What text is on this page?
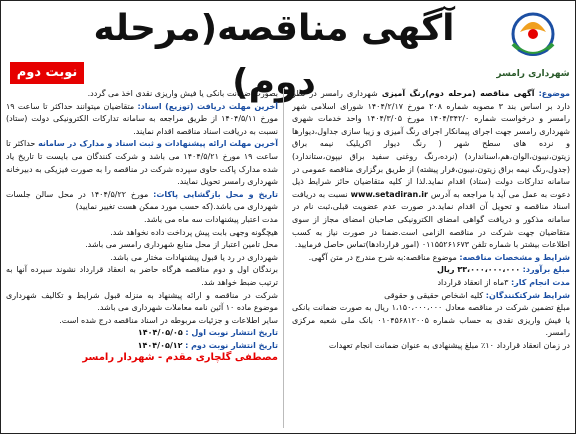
شهرداری رامسر
آگهی مناقصه(مرحله دوم)
نوبت دوم

موضوع: آگهی مناقصه (مرحله دوم)رنگ آمیزی شهرداری رامسر در نظر دارد بر اساس بند ۳ مصوبه شماره ۲۰۸ مورخ ۱۴۰۴/۲/۱۷ شورای اسلامی شهر رامسر و درخواست شماره ۱۴۰۴/۳۴۲/۰ مورخ ۱۴۰۴/۳/۰۵ واحد خدمات شهری شهرداری رامسر جهت اجرای پیمانکار اجرای رنگ آمیزی و زیبا سازی جداول،دیوارها و نرده های سطح شهر ( رنگ دیوار اکریلیک نیمه براق زیتون،نیبون،الوان،هم،اسناندارد) (نرده،رنگ روغنی سفید براق نیپون،ستاندارد)(جدول،رنگ نیمه براق زیتون،نیبون،فرار پیشته) از طریق برگزاری مناقصه عمومی در سامانه تدارکات دولت (ستاد) اقدام نماید.لذا از کلیه متقاضیان حائز شرایط ذیل دعوت به عمل می آید با مراجعه به آدرس www.setadiran.ir نسبت به دریافت اسناد مناقصه و تحویل آن اقدام نماید.در صورت عدم عضویت قبلی،ثبت نام در سامانه مذکور و دریافت گواهی امضای الکترونیکی صاحبان امضای مجاز از سوی متقاضیان جهت شرکت در مناقصه الزامی است.ضمنا در صورت نیاز به کسب اطلاعات بیشتر با شماره تلفن ۰۱۱۵۵۲۶۱۶۷۳ (امور قراردادها)تماس حاصل فرمایید.

شرایط و مشخصات مناقصه: موضوع مناقصه:به شرح مندرج در متن آگهی.

مبلغ برآورد: ۳۳،۰۰۰،۰۰۰،۰۰۰ ریال

مدت انجام کار: ۳ماه از انعقاد قرارداد

شرایط شرکتکنندگان: کلیه اشخاص حقیقی و حقوقی

مبلغ تضمین شرکت در مناقصه معادل ۱،۱۵۰،۰۰۰،۰۰۰ ریال به صورت ضمانت بانکی یا فیش واریزی نقدی به حساب شماره ۰۱۰۴۵۶۸۱۲۰۰۵ بانک ملی شعبه مرکزی رامسر.

در زمان انعقاد قرارداد ۱۰٪ مبلغ پیشنهادی به عنوان ضمانت انجام تعهدات

بصورت ضمانت بانکی یا فیش واریزی نقدی اخذ می گردد.

آخرین مهلت دریافت (توزیع) اسناد: متقاضیان میتوانند حداکثر تا ساعت ۱۹ مورخ ۱۴۰۴/۵/۱۱ از طریق مراجعه به سامانه تدارکات الکترونیکی دولت (ستاد) نسبت به دریافت اسناد مناقصه اقدام نمایند.

آخرین مهلت ارائه پیشنهادات و ثبت اسناد و مدارک در سامانه حداکثر تا ساعت ۱۹ مورخ ۱۴۰۴/۵/۲۱ می باشد و شرکت کنندگان می بایست تا تاریخ یاد شده مدارک پاکت حاوی سپرده شرکت در مناقصه را به صورت فیزیکی به دبیرخانه شهرداری رامسر تحویل نمایند.

تاریخ و محل بازگشایی پاکات: مورخ ۱۴۰۴/۵/۲۲ در محل سالن جلسات شهرداری می باشد.(که حسب مورد ممکن هست تغییر نمایید)

مدت اعتبار پیشنهادات سه ماه می باشد.

هیچگونه وجهی بابت پیش پرداخت داده نخواهد شد.

محل تامین اعتبار از محل منابع شهرداری رامسر می باشد.

شهرداری در رد یا قبول پیشنهادات مختار می باشد.

برندگان اول و دوم مناقصه هرگاه حاضر به انعقاد قرارداد نشوند سپرده آنها به ترتیب ضبط خواهد شد.

شرکت در مناقصه و ارائه پیشنهاد به منزله قبول شرایط و تکالیف شهرداری موضوع ماده ۱۰ آئین نامه معاملات شهرداری می باشد.

سایر اطلاعات و جزئیات مربوطه در اسناد مناقصه درج شده است.

تاریخ انتشار نوبت اول : ۱۴۰۴/۰۵/۰۵

تاریخ انتشار نوبت دوم : ۱۴۰۴/۰۵/۱۲

مصطفی گلچاری مقدم - شهردار رامسر
